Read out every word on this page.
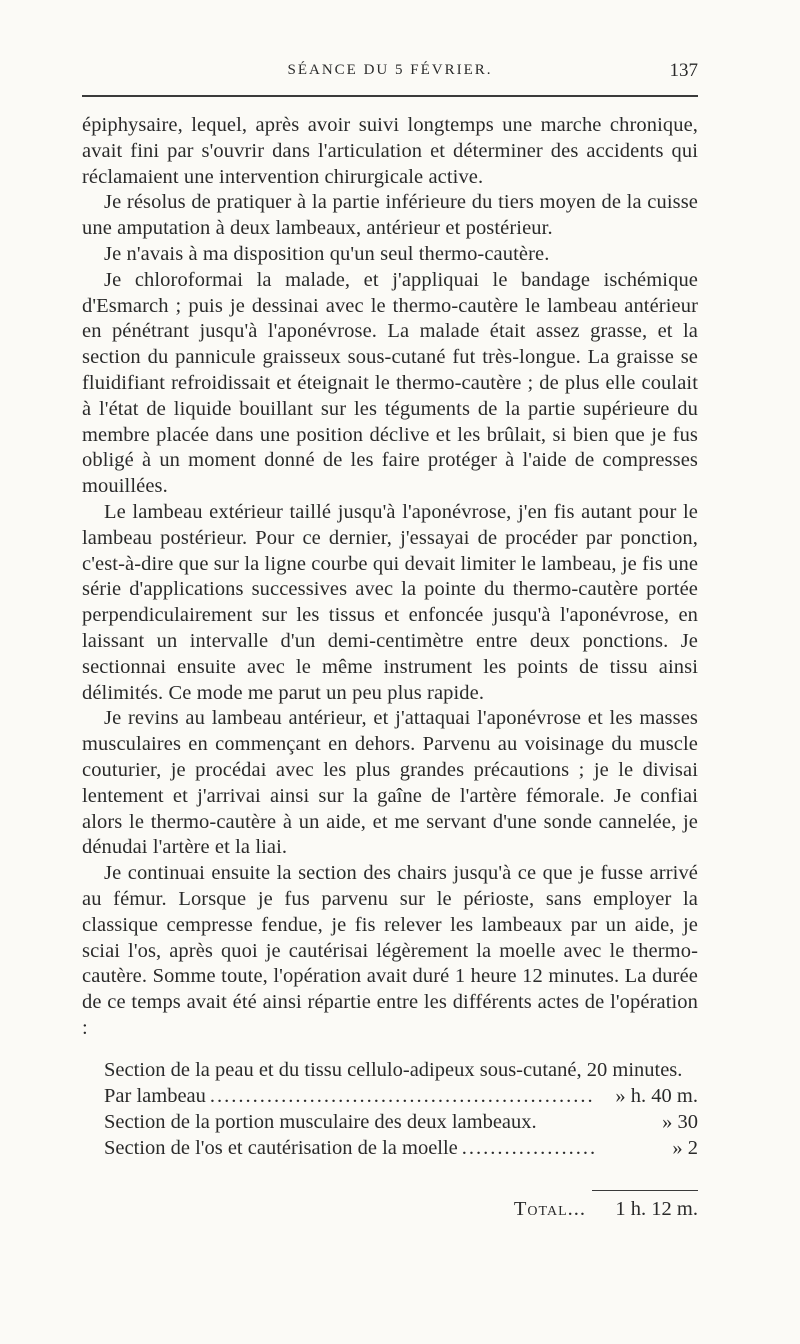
SÉANCE DU 5 FÉVRIER.	137

épiphysaire, lequel, après avoir suivi longtemps une marche chronique, avait fini par s'ouvrir dans l'articulation et déterminer des accidents qui réclamaient une intervention chirurgicale active.

Je résolus de pratiquer à la partie inférieure du tiers moyen de la cuisse une amputation à deux lambeaux, antérieur et postérieur.

Je n'avais à ma disposition qu'un seul thermo-cautère.

Je chloroformai la malade, et j'appliquai le bandage ischémique d'Esmarch ; puis je dessinai avec le thermo-cautère le lambeau antérieur en pénétrant jusqu'à l'aponévrose. La malade était assez grasse, et la section du pannicule graisseux sous-cutané fut très-longue. La graisse se fluidifiant refroidissait et éteignait le thermo-cautère ; de plus elle coulait à l'état de liquide bouillant sur les téguments de la partie supérieure du membre placée dans une position déclive et les brûlait, si bien que je fus obligé à un moment donné de les faire protéger à l'aide de compresses mouillées.

Le lambeau extérieur taillé jusqu'à l'aponévrose, j'en fis autant pour le lambeau postérieur. Pour ce dernier, j'essayai de procéder par ponction, c'est-à-dire que sur la ligne courbe qui devait limiter le lambeau, je fis une série d'applications successives avec la pointe du thermo-cautère portée perpendiculairement sur les tissus et enfoncée jusqu'à l'aponévrose, en laissant un intervalle d'un demi-centimètre entre deux ponctions. Je sectionnai ensuite avec le même instrument les points de tissu ainsi délimités. Ce mode me parut un peu plus rapide.

Je revins au lambeau antérieur, et j'attaquai l'aponévrose et les masses musculaires en commençant en dehors. Parvenu au voisinage du muscle couturier, je procédai avec les plus grandes précautions ; je le divisai lentement et j'arrivai ainsi sur la gaîne de l'artère fémorale. Je confiai alors le thermo-cautère à un aide, et me servant d'une sonde cannelée, je dénudai l'artère et la liai.

Je continuai ensuite la section des chairs jusqu'à ce que je fusse arrivé au fémur. Lorsque je fus parvenu sur le périoste, sans employer la classique cempresse fendue, je fis relever les lambeaux par un aide, je sciai l'os, après quoi je cautérisai légèrement la moelle avec le thermo-cautère. Somme toute, l'opération avait duré 1 heure 12 minutes. La durée de ce temps avait été ainsi répartie entre les différents actes de l'opération :

Section de la peau et du tissu cellulo-adipeux sous-cutané, 20 minutes.

Par lambeau .....	» h. 40 m.
Section de la portion musculaire des deux lambeaux.	» 30
Section de l'os et cautérisation de la moelle .....	» 2
Total... 1 h. 12 m.
